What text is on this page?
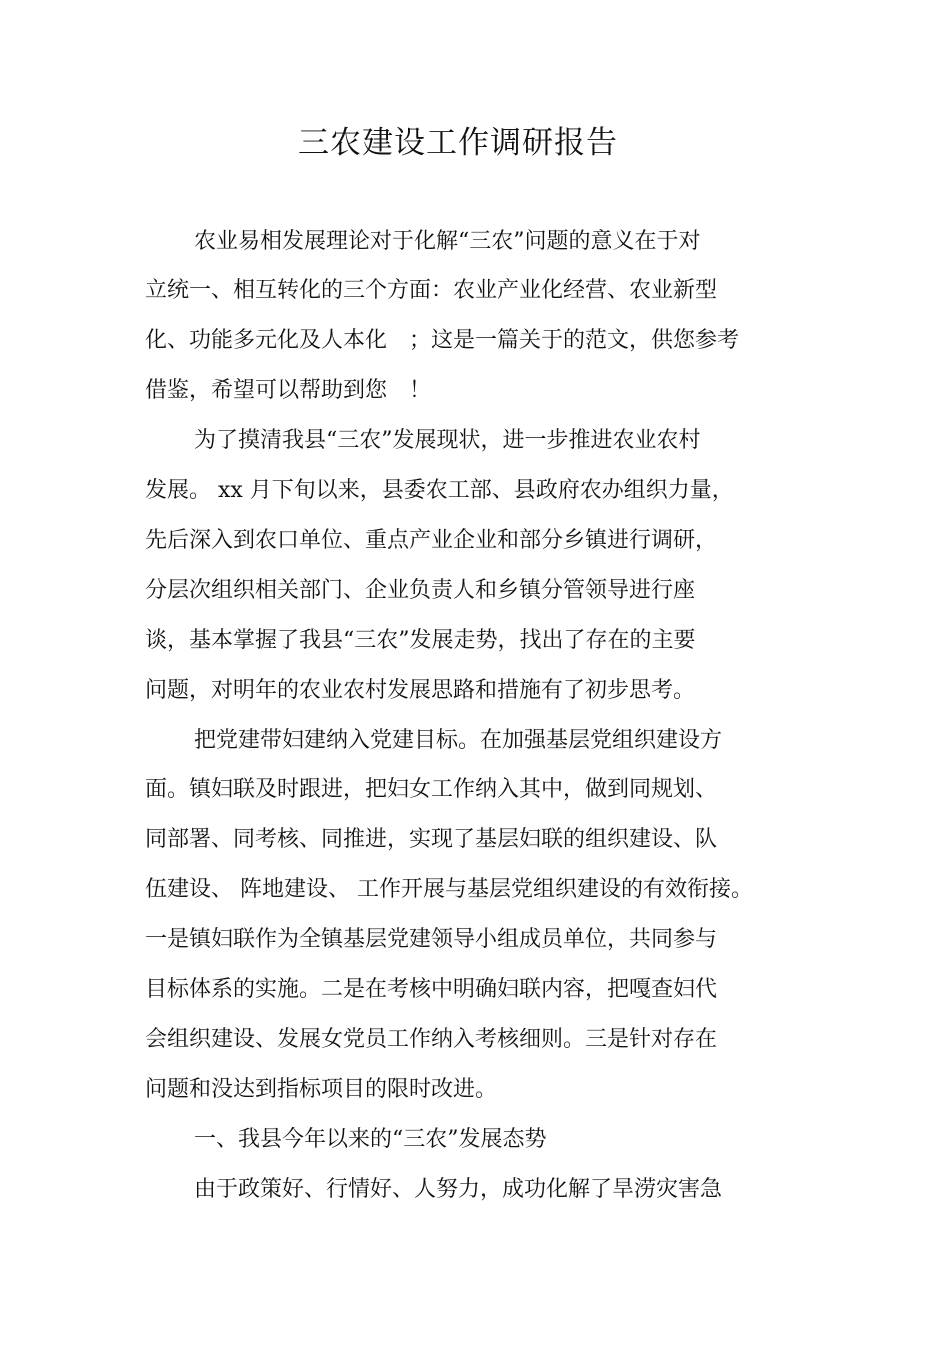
三农建设工作调研报告
农业易相发展理论对于化解“三农”问题的意义在于对
立统一、相互转化的三个方面：农业产业化经营、农业新型
化、功能多元化及人本化　；这是一篇关于的范文，供您参考
借鉴，希望可以帮助到您　！
为了摸清我县“三农”发展现状，进一步推进农业农村
发展。 xx 月下旬以来，县委农工部、县政府农办组织力量，
先后深入到农口单位、重点产业企业和部分乡镇进行调研，
分层次组织相关部门、企业负责人和乡镇分管领导进行座
谈，基本掌握了我县“三农”发展走势，找出了存在的主要
问题，对明年的农业农村发展思路和措施有了初步思考。
把党建带妇建纳入党建目标。在加强基层党组织建设方
面。镇妇联及时跟进，把妇女工作纳入其中，做到同规划、
同部署、同考核、同推进，实现了基层妇联的组织建设、队
伍建设、 阵地建设、 工作开展与基层党组织建设的有效衔接。
一是镇妇联作为全镇基层党建领导小组成员单位，共同参与
目标体系的实施。二是在考核中明确妇联内容，把嘎查妇代
会组织建设、发展女党员工作纳入考核细则。三是针对存在
问题和没达到指标项目的限时改进。
一、我县今年以来的“三农”发展态势
由于政策好、行情好、人努力，成功化解了旱涝灾害急
